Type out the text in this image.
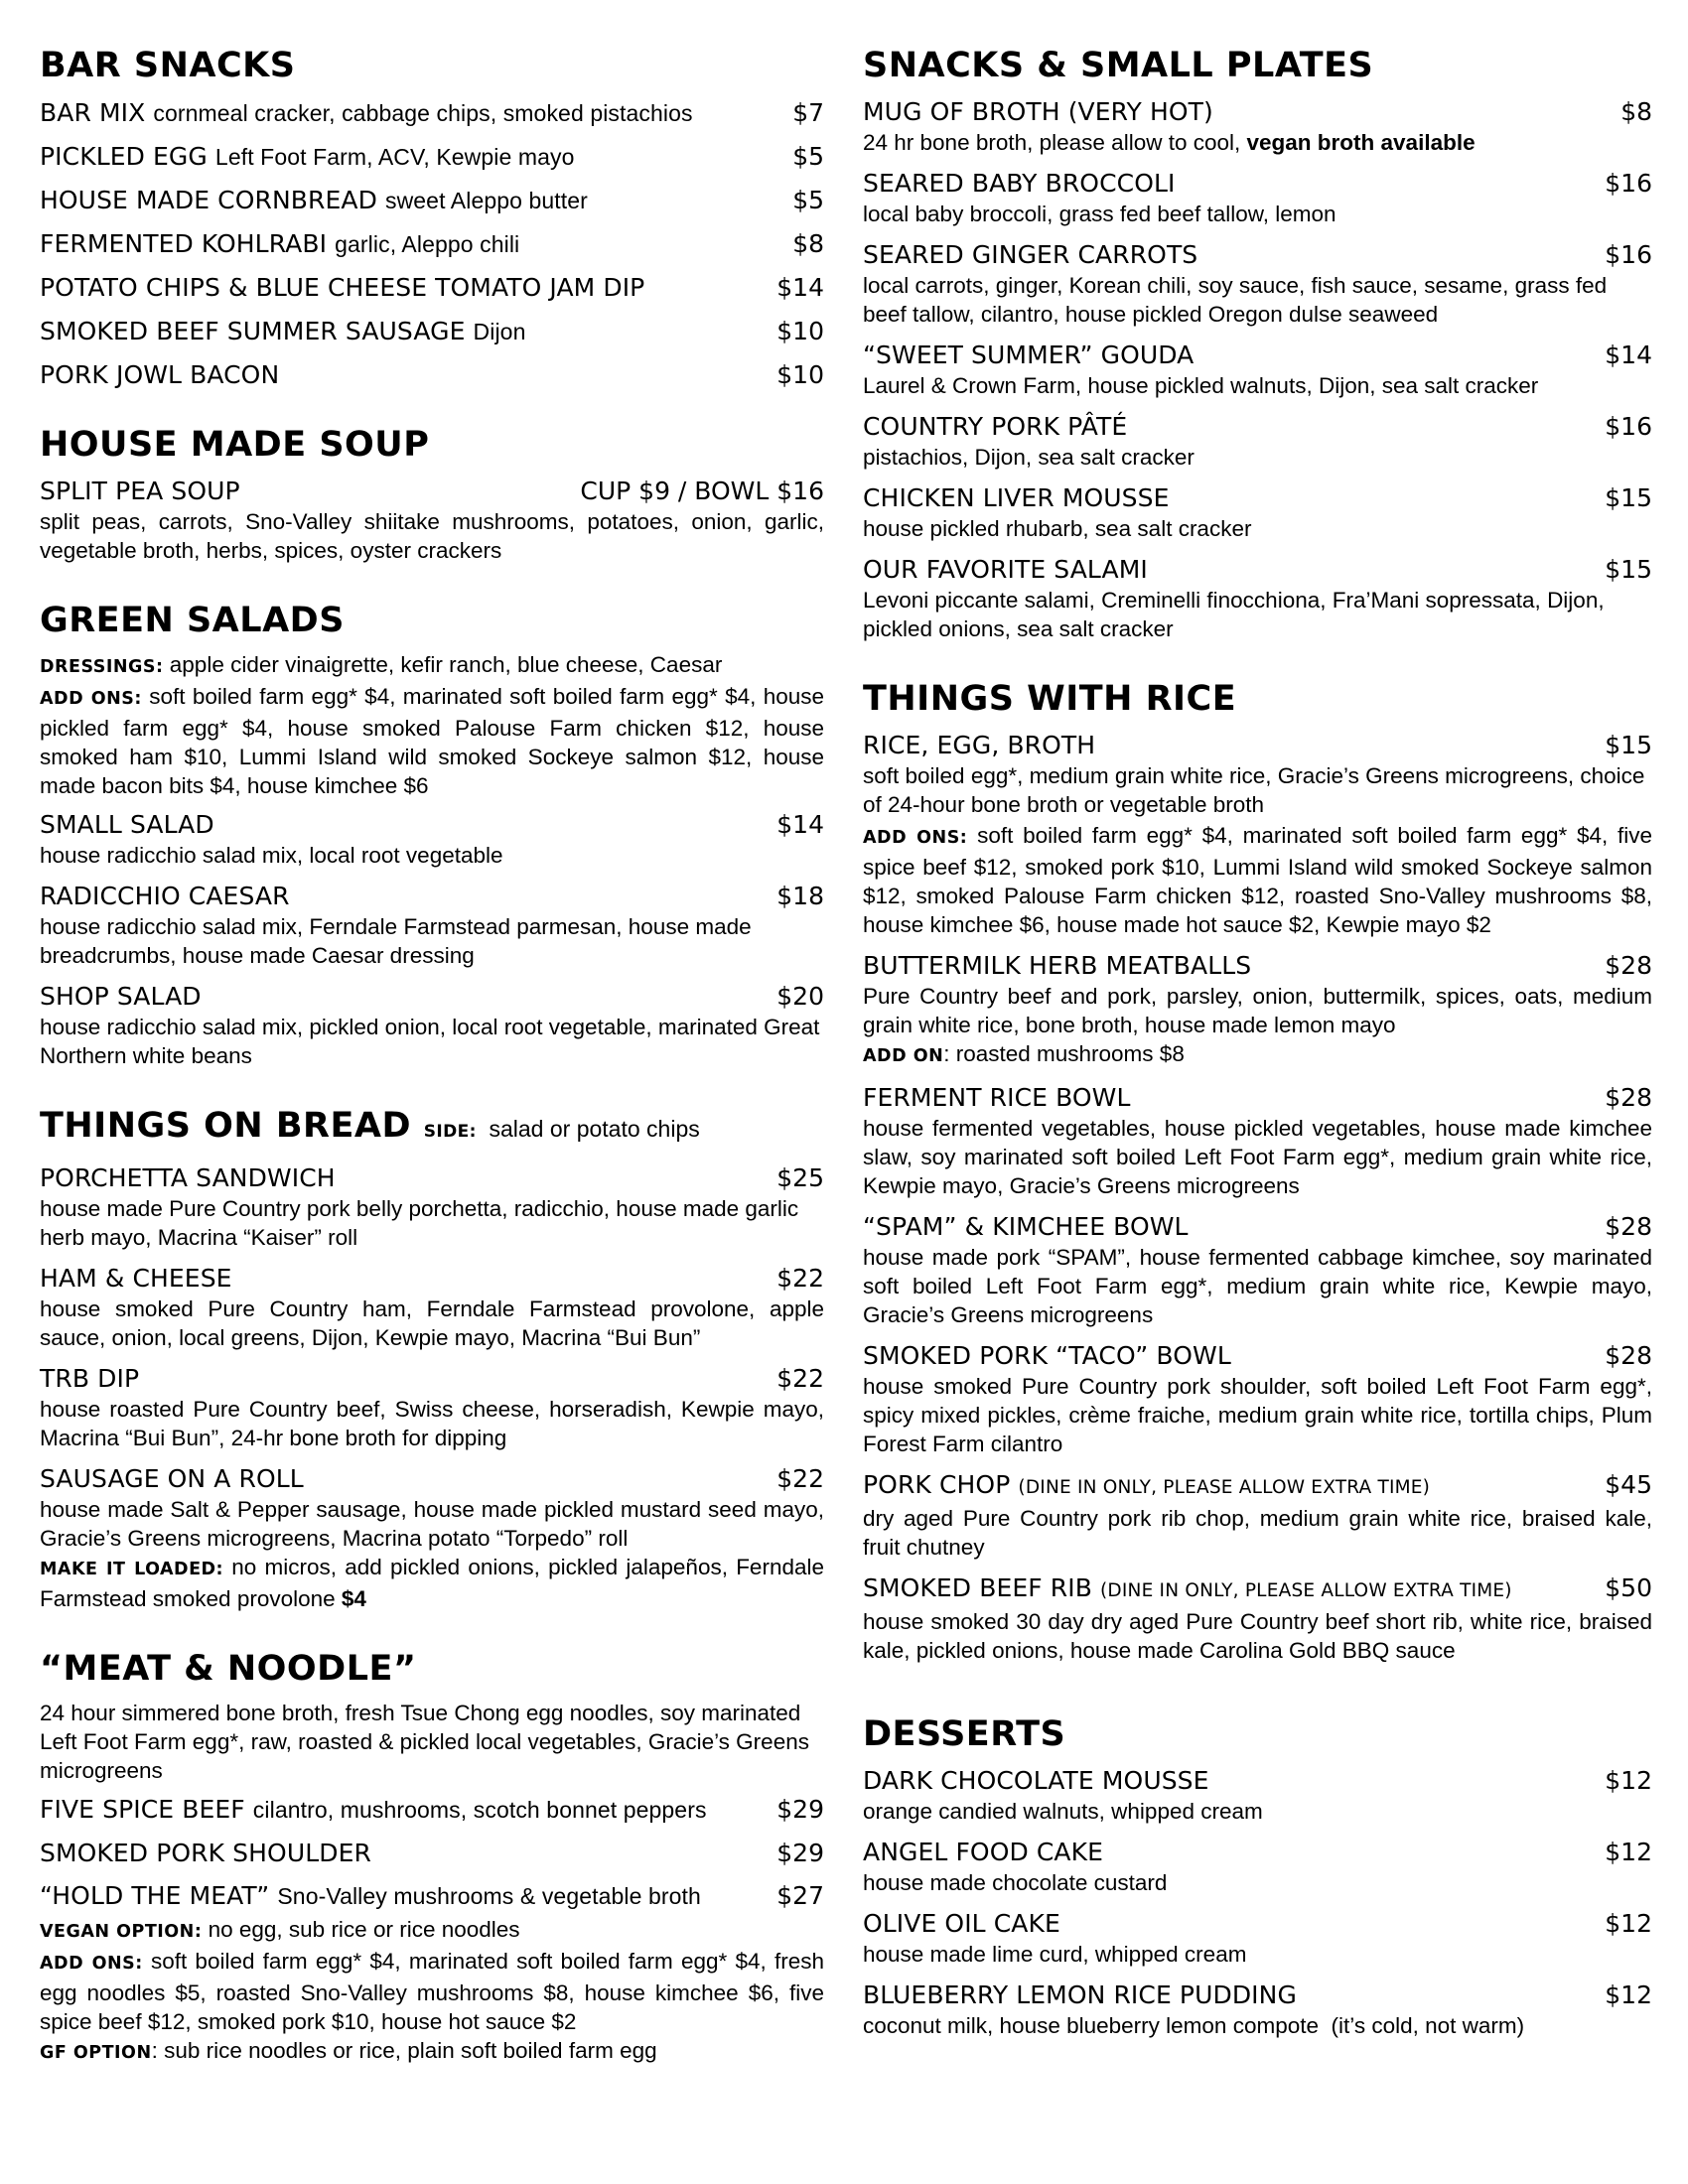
BAR SNACKS
BAR MIX cornmeal cracker, cabbage chips, smoked pistachios	$7
PICKLED EGG Left Foot Farm, ACV, Kewpie mayo	$5
HOUSE MADE CORNBREAD sweet Aleppo butter	$5
FERMENTED KOHLRABI garlic, Aleppo chili	$8
POTATO CHIPS & BLUE CHEESE TOMATO JAM DIP	$14
SMOKED BEEF SUMMER SAUSAGE Dijon	$10
PORK JOWL BACON	$10
HOUSE MADE SOUP
SPLIT PEA SOUP	CUP $9 / BOWL $16
split peas, carrots, Sno-Valley shiitake mushrooms, potatoes, onion, garlic, vegetable broth, herbs, spices, oyster crackers
GREEN SALADS

DRESSINGS: apple cider vinaigrette, kefir ranch, blue cheese, Caesar

ADD ONS: soft boiled farm egg* $4, marinated soft boiled farm egg* $4, house pickled farm egg* $4, house smoked Palouse Farm chicken $12, house smoked ham $10, Lummi Island wild smoked Sockeye salmon $12, house made bacon bits $4, house kimchee $6

SMALL SALAD	$14
house radicchio salad mix, local root vegetable
RADICCHIO CAESAR	$18
house radicchio salad mix, Ferndale Farmstead parmesan, house made breadcrumbs, house made Caesar dressing
SHOP SALAD	$20
house radicchio salad mix, pickled onion, local root vegetable, marinated Great Northern white beans
THINGS ON BREAD SIDE: salad or potato chips
PORCHETTA SANDWICH	$25
house made Pure Country pork belly porchetta, radicchio, house made garlic herb mayo, Macrina “Kaiser” roll
HAM & CHEESE	$22
house smoked Pure Country ham, Ferndale Farmstead provolone, apple sauce, onion, local greens, Dijon, Kewpie mayo, Macrina “Bui Bun”
TRB DIP	$22
house roasted Pure Country beef, Swiss cheese, horseradish, Kewpie mayo, Macrina “Bui Bun”, 24-hr bone broth for dipping
SAUSAGE ON A ROLL	$22
house made Salt & Pepper sausage, house made pickled mustard seed mayo, Gracie’s Greens microgreens, Macrina potato “Torpedo” roll

MAKE IT LOADED: no micros, add pickled onions, pickled jalapeños, Ferndale Farmstead smoked provolone $4

“MEAT & NOODLE”

24 hour simmered bone broth, fresh Tsue Chong egg noodles, soy marinated Left Foot Farm egg*, raw, roasted & pickled local vegetables, Gracie’s Greens microgreens

FIVE SPICE BEEF cilantro, mushrooms, scotch bonnet peppers	$29
SMOKED PORK SHOULDER	$29
“HOLD THE MEAT” Sno-Valley mushrooms & vegetable broth	$27

VEGAN OPTION: no egg, sub rice or rice noodles

ADD ONS: soft boiled farm egg* $4, marinated soft boiled farm egg* $4, fresh egg noodles $5, roasted Sno-Valley mushrooms $8, house kimchee $6, five spice beef $12, smoked pork $10, house hot sauce $2

GF OPTION: sub rice noodles or rice, plain soft boiled farm egg

SNACKS & SMALL PLATES
MUG OF BROTH (VERY HOT)	$8
24 hr bone broth, please allow to cool, vegan broth available
SEARED BABY BROCCOLI	$16
local baby broccoli, grass fed beef tallow, lemon
SEARED GINGER CARROTS	$16
local carrots, ginger, Korean chili, soy sauce, fish sauce, sesame, grass fed beef tallow, cilantro, house pickled Oregon dulse seaweed
“SWEET SUMMER” GOUDA	$14
Laurel & Crown Farm, house pickled walnuts, Dijon, sea salt cracker
COUNTRY PORK PÂTÉ	$16
pistachios, Dijon, sea salt cracker
CHICKEN LIVER MOUSSE	$15
house pickled rhubarb, sea salt cracker
OUR FAVORITE SALAMI	$15
Levoni piccante salami, Creminelli finocchiona, Fra’Mani sopressata, Dijon, pickled onions, sea salt cracker
THINGS WITH RICE
RICE, EGG, BROTH	$15
soft boiled egg*, medium grain white rice, Gracie’s Greens microgreens, choice of 24-hour bone broth or vegetable broth

ADD ONS: soft boiled farm egg* $4, marinated soft boiled farm egg* $4, five spice beef $12, smoked pork $10, Lummi Island wild smoked Sockeye salmon $12, smoked Palouse Farm chicken $12, roasted Sno-Valley mushrooms $8, house kimchee $6, house made hot sauce $2, Kewpie mayo $2

BUTTERMILK HERB MEATBALLS	$28
Pure Country beef and pork, parsley, onion, buttermilk, spices, oats, medium grain white rice, bone broth, house made lemon mayo
ADD ON: roasted mushrooms $8
FERMENT RICE BOWL	$28
house fermented vegetables, house pickled vegetables, house made kimchee slaw, soy marinated soft boiled Left Foot Farm egg*, medium grain white rice, Kewpie mayo, Gracie’s Greens microgreens
“SPAM” & KIMCHEE BOWL	$28
house made pork “SPAM”, house fermented cabbage kimchee, soy marinated soft boiled Left Foot Farm egg*, medium grain white rice, Kewpie mayo, Gracie’s Greens microgreens
SMOKED PORK “TACO” BOWL	$28
house smoked Pure Country pork shoulder, soft boiled Left Foot Farm egg*, spicy mixed pickles, crème fraiche, medium grain white rice, tortilla chips, Plum Forest Farm cilantro
PORK CHOP (DINE IN ONLY, PLEASE ALLOW EXTRA TIME)	$45
dry aged Pure Country pork rib chop, medium grain white rice, braised kale, fruit chutney
SMOKED BEEF RIB (DINE IN ONLY, PLEASE ALLOW EXTRA TIME)	$50
house smoked 30 day dry aged Pure Country beef short rib, white rice, braised kale, pickled onions, house made Carolina Gold BBQ sauce
DESSERTS
DARK CHOCOLATE MOUSSE	$12
orange candied walnuts, whipped cream
ANGEL FOOD CAKE	$12
house made chocolate custard
OLIVE OIL CAKE	$12
house made lime curd, whipped cream
BLUEBERRY LEMON RICE PUDDING	$12
coconut milk, house blueberry lemon compote  (it’s cold, not warm)
